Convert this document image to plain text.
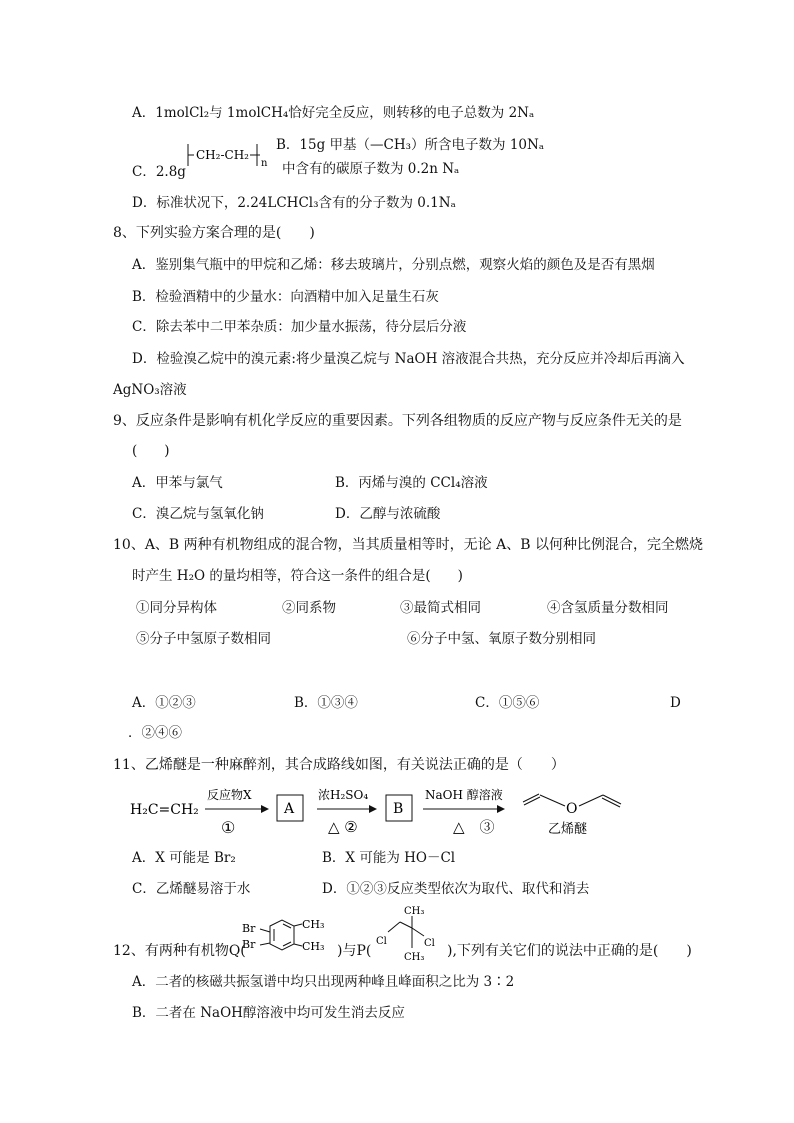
A．1molCl₂与 1molCH₄恰好完全反应，则转移的电子总数为 2Nₐ
B．15g 甲基（—CH₃）所含电子数为 10Nₐ
C．2.8g
CH₂-CH₂
n 中含有的碳原子数为 0.2n Nₐ
D．标准状况下，2.24LCHCl₃含有的分子数为 0.1Nₐ
8、下列实验方案合理的是(　　)
A．鉴别集气瓶中的甲烷和乙烯：移去玻璃片，分别点燃，观察火焰的颜色及是否有黑烟
B．检验酒精中的少量水：向酒精中加入足量生石灰
C．除去苯中二甲苯杂质：加少量水振荡，待分层后分液
D．检验溴乙烷中的溴元素:将少量溴乙烷与 NaOH 溶液混合共热，充分反应并冷却后再滴入
AgNO₃溶液
9、反应条件是影响有机化学反应的重要因素。下列各组物质的反应产物与反应条件无关的是
(　　)
A．甲苯与氯气	B．丙烯与溴的 CCl₄溶液
C．溴乙烷与氢氧化钠	D．乙醇与浓硫酸
10、A、B 两种有机物组成的混合物，当其质量相等时，无论 A、B 以何种比例混合，完全燃烧
时产生 H₂O 的量均相等，符合这一条件的组合是(　　)
①同分异构体	②同系物	③最简式相同	④含氢质量分数相同
⑤分子中氢原子数相同	⑥分子中氢、氧原子数分别相同
A．①②③	B．①③④	C．①⑤⑥	D
．②④⑥
11、乙烯醚是一种麻醉剂，其合成路线如图，有关说法正确的是（　　）
H₂C=CH₂
反应物X
①
A
浓H₂SO₄
△ ②
B
NaOH 醇溶液
△　③
O
乙烯醚
A．X 可能是 Br₂	B．X 可能为 HO－Cl
C．乙烯醚易溶于水	D．①②③反应类型依次为取代、取代和消去
12、有两种有机物Q(
Br
Br
CH₃
CH₃ )与P(
CH₃
Cl	Cl
CH₃ ),下列有关它们的说法中正确的是(　　)
A．二者的核磁共振氢谱中均只出现两种峰且峰面积之比为 3∶2
B．二者在 NaOH醇溶液中均可发生消去反应
